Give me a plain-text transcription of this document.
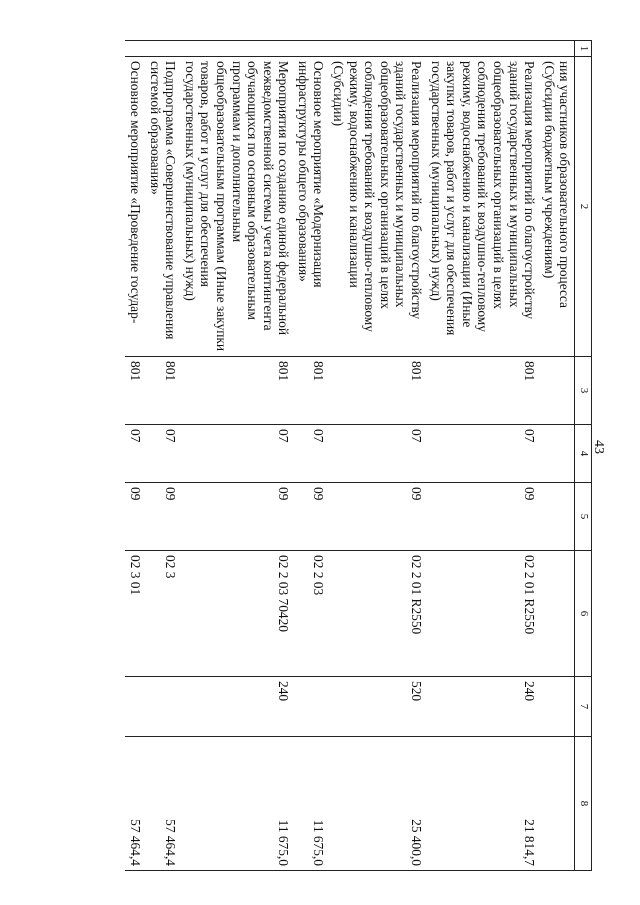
43
1	2	3	4	5	6	7	8
	ния участников образовательного процесса (Субсидии бюджетным учреждениям)						
	Реализация мероприятий по благоустройству зданий государственных и муниципальных общеобразовательных организаций в целях соблюдения требований к воздушно-тепловому режиму, водоснабжению и канализации (Иные закупки товаров, работ и услуг для обеспечения государственных (муниципальных) нужд)	801	07	09	02 2 01 R2550	240	21 814,7
	Реализация мероприятий по благоустройству зданий государственных и муниципальных общеобразовательных организаций в целях соблюдения требований к воздушно-тепловому режиму, водоснабжению и канализации (Субсидии)	801	07	09	02 2 01 R2550	520	25 400,0
	Основное мероприятие «Модернизация инфраструктуры общего образования»	801	07	09	02 2 03		11 675,0
	Мероприятия по созданию единой федеральной межведомственной системы учета контингента обучающихся по основным образовательным программам и дополнительным общеобразовательным программам (Иные закупки товаров, работ и услуг для обеспечения государственных (муниципальных) нужд)	801	07	09	02 2 03 70420	240	11 675,0
	Подпрограмма «Совершенствование управления системой образования»	801	07	09	02 3		57 464,4
	Основное мероприятие «Проведение государ-	801	07	09	02 3 01		57 464,4
